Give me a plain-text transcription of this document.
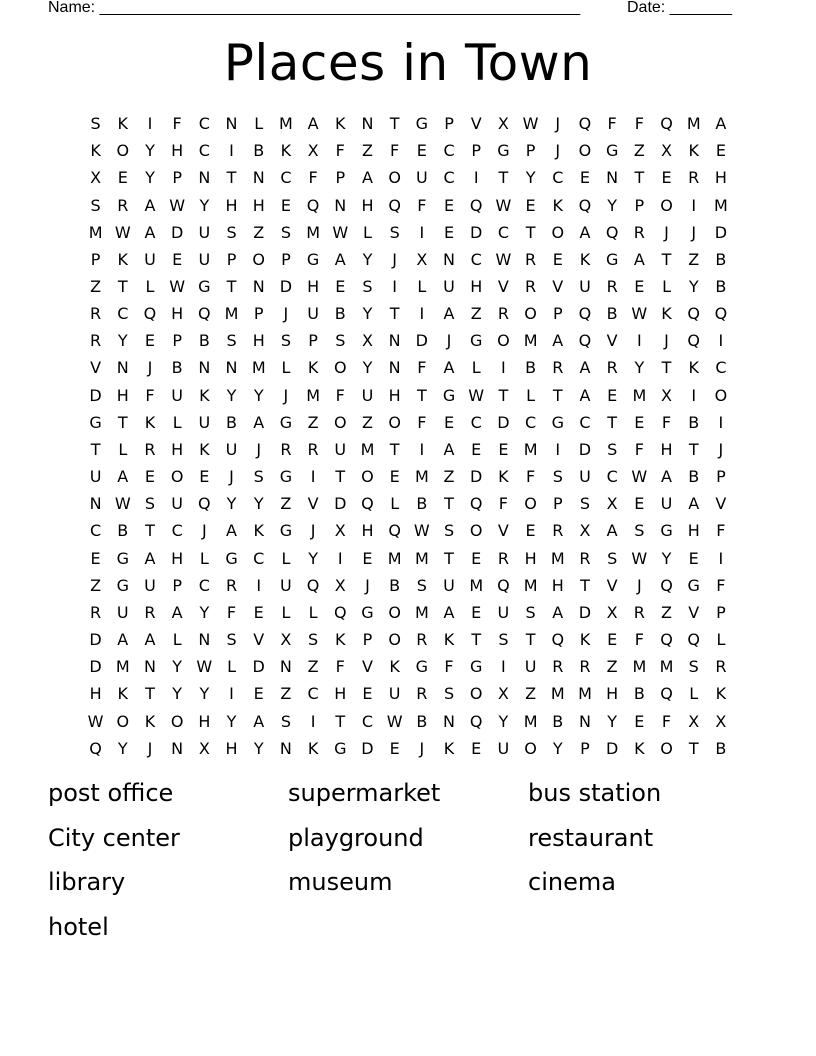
Name: ______________________________________________________	Date: _______
Places in Town
S	K	I	F	C N	L M A	K N	T	G	P	V	X W	J	Q	F	F	Q M A
K O	Y	H C	I	B	K	X	F	Z	F	E	C	P	G	P	J	O G Z	X	K	E
X	E	Y	P	N	T	N C	F	P	A O U C	I	T	Y	C	E	N	T	E	R H
S	R	A W Y	H H	E Q N H Q	F	E Q W E	K Q	Y	P	O	I	M
M W A D U	S	Z	S M W L	S	I	E D C	T	O A Q R	J	J	D
P	K	U	E	U	P	O	P	G A	Y	J	X N C W R	E	K G A	T	Z	B
Z	T	L W G	T	N D H	E	S	I	L	U H V	R	V U R	E	L	Y	B
R	C Q H Q M P	J	U B	Y	T	I	A	Z	R O	P	Q B W K Q Q
R	Y	E	P	B	S	H	S	P	S	X N D	J	G O M A Q V	I	J	Q	I
V N	J	B N N M L	K O	Y	N	F	A	L	I	B	R	A	R	Y	T	K	C
D H	F	U	K	Y	Y	J	M F	U H	T	G W T	L	T	A	E M X	I	O
G	T	K	L	U B	A G Z O Z O	F	E	C D C G C	T	E	F	B	I
T	L	R H K	U	J	R	R U M T	I	A	E	E M	I	D S	F	H	T	J
U A	E O E	J	S G	I	T	O E M Z D K	F	S	U C W A	B	P
N W S	U Q	Y	Y	Z	V D Q	L	B	T	Q	F	O	P	S	X	E	U A	V
C	B	T	C	J	A	K G	J	X H Q W S O V	E	R	X	A	S G H	F
E G A H	L	G C	L	Y	I	E M M T	E	R H M R	S W Y	E	I
Z G U	P	C	R	I	U Q X	J	B	S	U M Q M H	T	V	J	Q G	F
R U R	A	Y	F	E	L	L	Q G O M A	E	U	S	A D X	R	Z	V	P
D A	A	L	N	S	V	X	S	K	P	O R	K	T	S	T	Q K	E	F	Q Q	L
D M N	Y W L	D N Z	F	V	K G	F	G	I	U R	R	Z M M S	R
H K	T	Y	Y	I	E	Z	C H	E	U R	S O X	Z M M H B Q	L	K
W O K O H	Y	A	S	I	T	C W B N Q	Y M B N	Y	E	F	X	X
Q	Y	J	N X H	Y	N K G D E	J	K	E	U O	Y	P	D K O	T	B
post office	supermarket	bus station
City center	playground	restaurant
library	museum	cinema
hotel
